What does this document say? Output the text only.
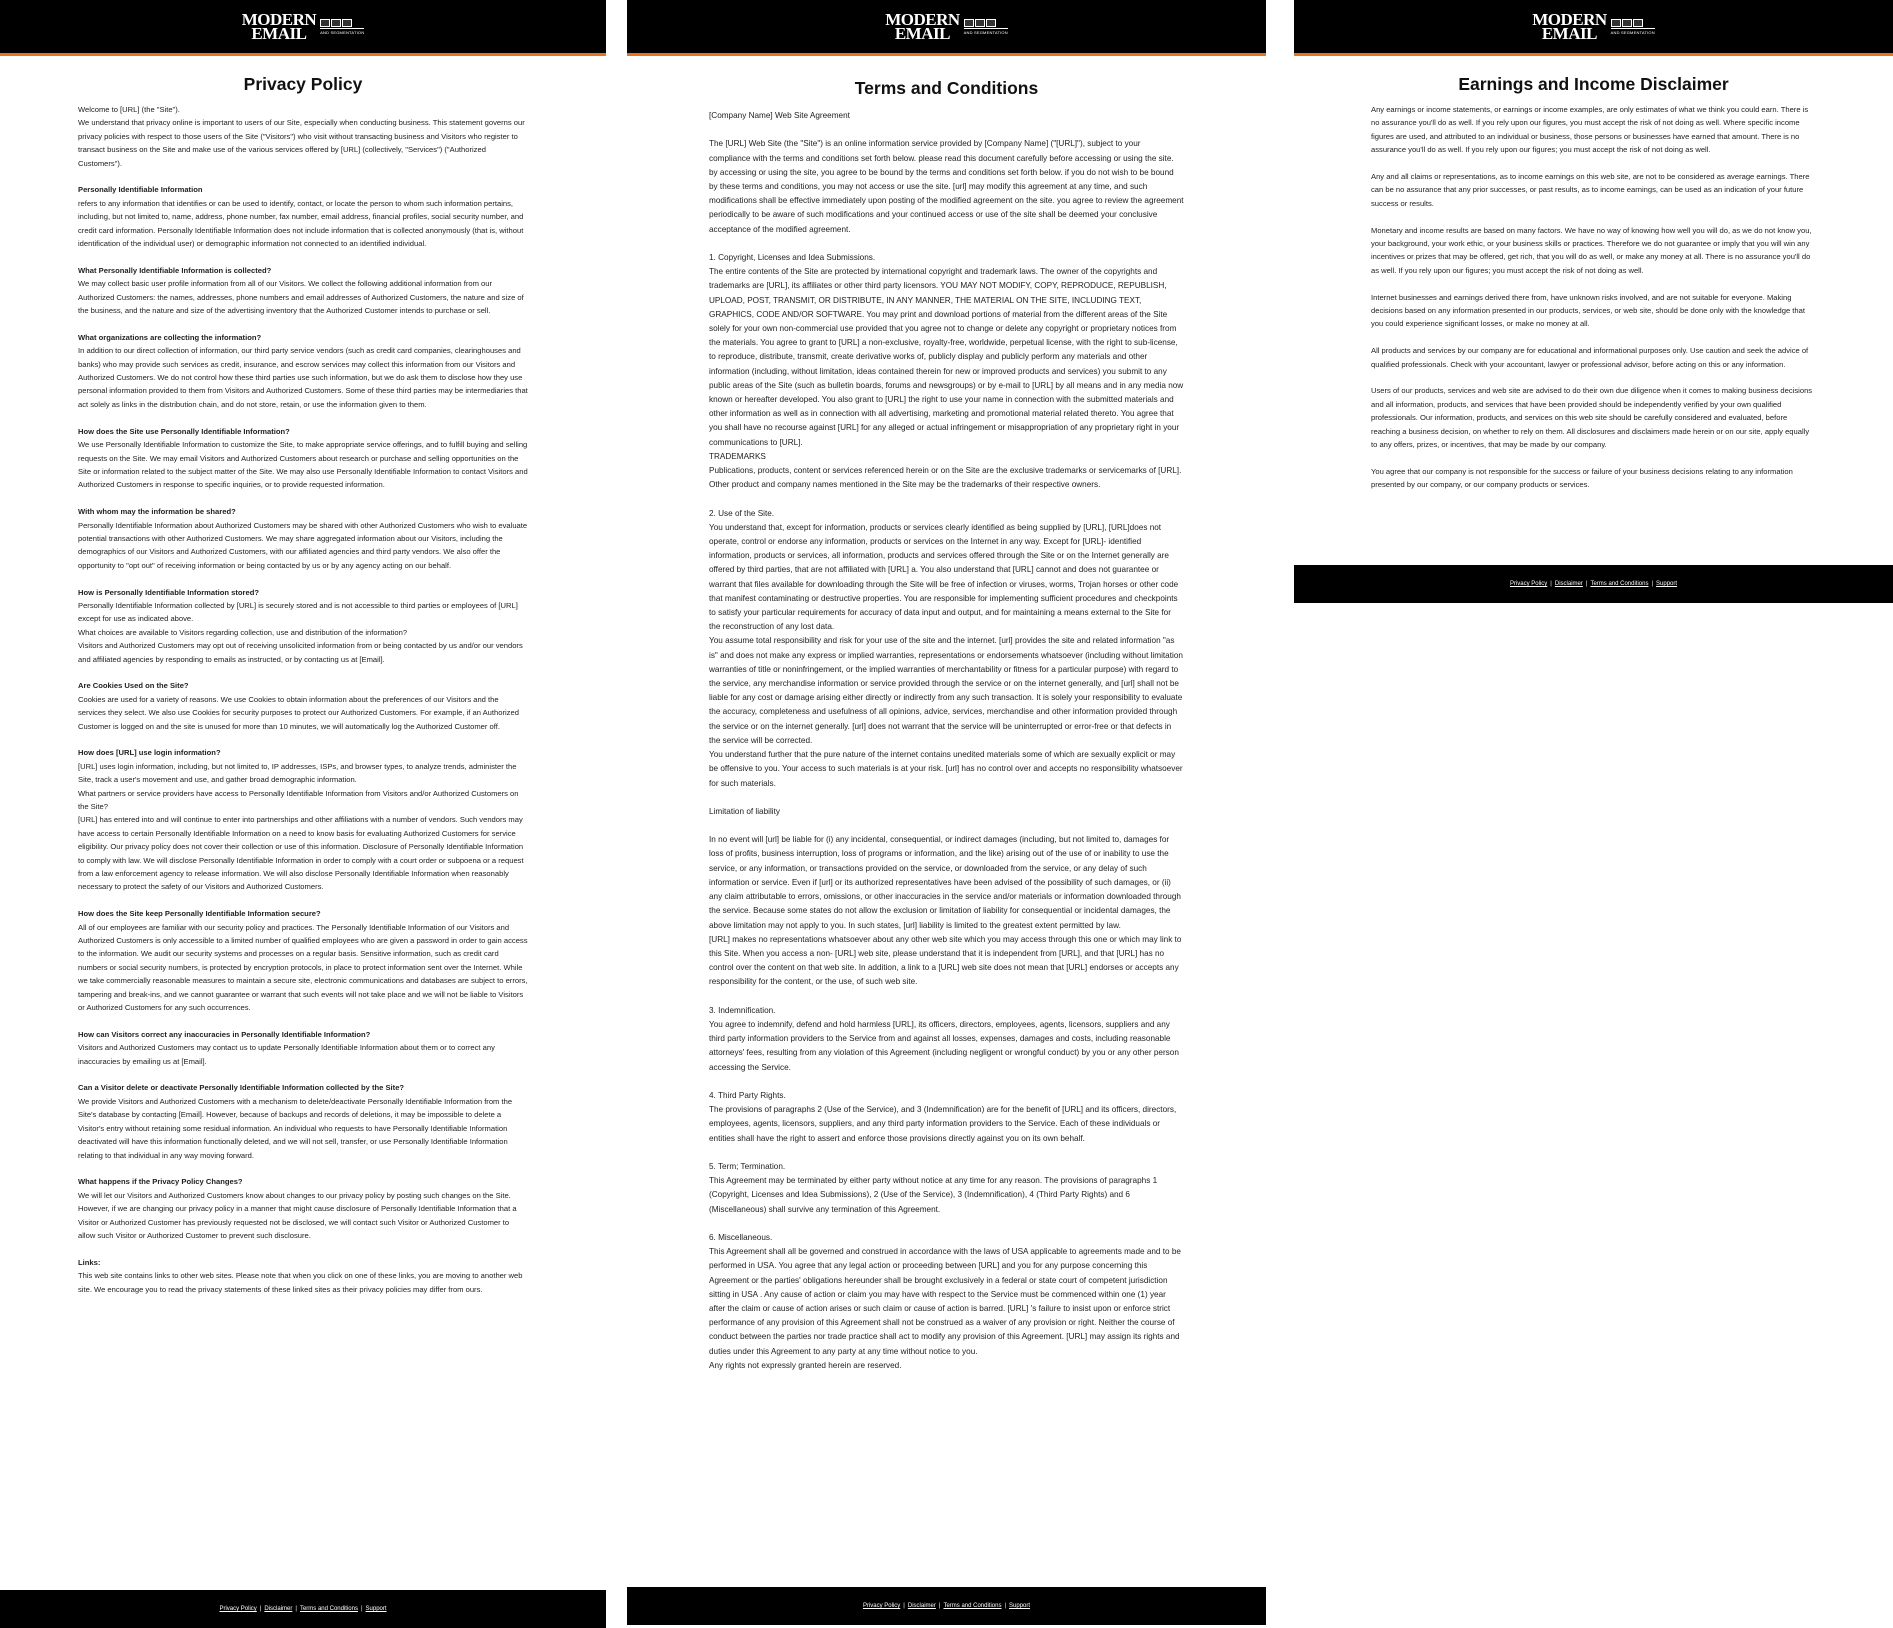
MODERN
EMAIL	AND SEGMENTATION
Privacy Policy
Welcome to [URL] (the "Site").
We understand that privacy online is important to users of our Site, especially when conducting business. This statement governs our privacy policies with respect to those users of the Site ("Visitors") who visit without transacting business and Visitors who register to transact business on the Site and make use of the various services offered by [URL] (collectively, "Services") ("Authorized Customers").
Personally Identifiable Information
refers to any information that identifies or can be used to identify, contact, or locate the person to whom such information pertains, including, but not limited to, name, address, phone number, fax number, email address, financial profiles, social security number, and credit card information. Personally Identifiable Information does not include information that is collected anonymously (that is, without identification of the individual user) or demographic information not connected to an identified individual.
What Personally Identifiable Information is collected?
We may collect basic user profile information from all of our Visitors. We collect the following additional information from our Authorized Customers: the names, addresses, phone numbers and email addresses of Authorized Customers, the nature and size of the business, and the nature and size of the advertising inventory that the Authorized Customer intends to purchase or sell.
What organizations are collecting the information?
In addition to our direct collection of information, our third party service vendors (such as credit card companies, clearinghouses and banks) who may provide such services as credit, insurance, and escrow services may collect this information from our Visitors and Authorized Customers. We do not control how these third parties use such information, but we do ask them to disclose how they use personal information provided to them from Visitors and Authorized Customers. Some of these third parties may be intermediaries that act solely as links in the distribution chain, and do not store, retain, or use the information given to them.
How does the Site use Personally Identifiable Information?
We use Personally Identifiable Information to customize the Site, to make appropriate service offerings, and to fulfill buying and selling requests on the Site. We may email Visitors and Authorized Customers about research or purchase and selling opportunities on the Site or information related to the subject matter of the Site. We may also use Personally Identifiable Information to contact Visitors and Authorized Customers in response to specific inquiries, or to provide requested information.
With whom may the information be shared?
Personally Identifiable Information about Authorized Customers may be shared with other Authorized Customers who wish to evaluate potential transactions with other Authorized Customers. We may share aggregated information about our Visitors, including the demographics of our Visitors and Authorized Customers, with our affiliated agencies and third party vendors. We also offer the opportunity to "opt out" of receiving information or being contacted by us or by any agency acting on our behalf.
How is Personally Identifiable Information stored?
Personally Identifiable Information collected by [URL] is securely stored and is not accessible to third parties or employees of [URL] except for use as indicated above.
What choices are available to Visitors regarding collection, use and distribution of the information?
Visitors and Authorized Customers may opt out of receiving unsolicited information from or being contacted by us and/or our vendors and affiliated agencies by responding to emails as instructed, or by contacting us at [Email].
Are Cookies Used on the Site?
Cookies are used for a variety of reasons. We use Cookies to obtain information about the preferences of our Visitors and the services they select. We also use Cookies for security purposes to protect our Authorized Customers. For example, if an Authorized Customer is logged on and the site is unused for more than 10 minutes, we will automatically log the Authorized Customer off.
How does [URL] use login information?
[URL] uses login information, including, but not limited to, IP addresses, ISPs, and browser types, to analyze trends, administer the Site, track a user's movement and use, and gather broad demographic information.
What partners or service providers have access to Personally Identifiable Information from Visitors and/or Authorized Customers on the Site?
[URL] has entered into and will continue to enter into partnerships and other affiliations with a number of vendors. Such vendors may have access to certain Personally Identifiable Information on a need to know basis for evaluating Authorized Customers for service eligibility. Our privacy policy does not cover their collection or use of this information. Disclosure of Personally Identifiable Information to comply with law. We will disclose Personally Identifiable Information in order to comply with a court order or subpoena or a request from a law enforcement agency to release information. We will also disclose Personally Identifiable Information when reasonably necessary to protect the safety of our Visitors and Authorized Customers.
How does the Site keep Personally Identifiable Information secure?
All of our employees are familiar with our security policy and practices. The Personally Identifiable Information of our Visitors and Authorized Customers is only accessible to a limited number of qualified employees who are given a password in order to gain access to the information. We audit our security systems and processes on a regular basis. Sensitive information, such as credit card numbers or social security numbers, is protected by encryption protocols, in place to protect information sent over the Internet. While we take commercially reasonable measures to maintain a secure site, electronic communications and databases are subject to errors, tampering and break-ins, and we cannot guarantee or warrant that such events will not take place and we will not be liable to Visitors or Authorized Customers for any such occurrences.
How can Visitors correct any inaccuracies in Personally Identifiable Information?
Visitors and Authorized Customers may contact us to update Personally Identifiable Information about them or to correct any inaccuracies by emailing us at [Email].
Can a Visitor delete or deactivate Personally Identifiable Information collected by the Site?
We provide Visitors and Authorized Customers with a mechanism to delete/deactivate Personally Identifiable Information from the Site's database by contacting [Email]. However, because of backups and records of deletions, it may be impossible to delete a Visitor's entry without retaining some residual information. An individual who requests to have Personally Identifiable Information deactivated will have this information functionally deleted, and we will not sell, transfer, or use Personally Identifiable Information relating to that individual in any way moving forward.
What happens if the Privacy Policy Changes?
We will let our Visitors and Authorized Customers know about changes to our privacy policy by posting such changes on the Site. However, if we are changing our privacy policy in a manner that might cause disclosure of Personally Identifiable Information that a Visitor or Authorized Customer has previously requested not be disclosed, we will contact such Visitor or Authorized Customer to allow such Visitor or Authorized Customer to prevent such disclosure.
Links:
This web site contains links to other web sites. Please note that when you click on one of these links, you are moving to another web site. We encourage you to read the privacy statements of these linked sites as their privacy policies may differ from ours.
Privacy Policy | Disclaimer | Terms and Conditions | Support
MODERN
EMAIL	AND SEGMENTATION
Terms and Conditions
[Company Name] Web Site Agreement
The [URL] Web Site (the "Site") is an online information service provided by [Company Name] ("[URL]"), subject to your compliance with the terms and conditions set forth below. please read this document carefully before accessing or using the site. by accessing or using the site, you agree to be bound by the terms and conditions set forth below. if you do not wish to be bound by these terms and conditions, you may not access or use the site. [url] may modify this agreement at any time, and such modifications shall be effective immediately upon posting of the modified agreement on the site. you agree to review the agreement periodically to be aware of such modifications and your continued access or use of the site shall be deemed your conclusive acceptance of the modified agreement.
1. Copyright, Licenses and Idea Submissions.
The entire contents of the Site are protected by international copyright and trademark laws. The owner of the copyrights and trademarks are [URL], its affiliates or other third party licensors. YOU MAY NOT MODIFY, COPY, REPRODUCE, REPUBLISH, UPLOAD, POST, TRANSMIT, OR DISTRIBUTE, IN ANY MANNER, THE MATERIAL ON THE SITE, INCLUDING TEXT, GRAPHICS, CODE AND/OR SOFTWARE. You may print and download portions of material from the different areas of the Site solely for your own non-commercial use provided that you agree not to change or delete any copyright or proprietary notices from the materials. You agree to grant to [URL] a non-exclusive, royalty-free, worldwide, perpetual license, with the right to sub-license, to reproduce, distribute, transmit, create derivative works of, publicly display and publicly perform any materials and other information (including, without limitation, ideas contained therein for new or improved products and services) you submit to any public areas of the Site (such as bulletin boards, forums and newsgroups) or by e-mail to [URL] by all means and in any media now known or hereafter developed. You also grant to [URL] the right to use your name in connection with the submitted materials and other information as well as in connection with all advertising, marketing and promotional material related thereto. You agree that you shall have no recourse against [URL] for any alleged or actual infringement or misappropriation of any proprietary right in your communications to [URL].
TRADEMARKS
Publications, products, content or services referenced herein or on the Site are the exclusive trademarks or servicemarks of [URL]. Other product and company names mentioned in the Site may be the trademarks of their respective owners.
2. Use of the Site.
You understand that, except for information, products or services clearly identified as being supplied by [URL], [URL]does not operate, control or endorse any information, products or services on the Internet in any way. Except for [URL]- identified information, products or services, all information, products and services offered through the Site or on the Internet generally are offered by third parties, that are not affiliated with [URL] a. You also understand that [URL] cannot and does not guarantee or warrant that files available for downloading through the Site will be free of infection or viruses, worms, Trojan horses or other code that manifest contaminating or destructive properties. You are responsible for implementing sufficient procedures and checkpoints to satisfy your particular requirements for accuracy of data input and output, and for maintaining a means external to the Site for the reconstruction of any lost data.
You assume total responsibility and risk for your use of the site and the internet. [url] provides the site and related information "as is" and does not make any express or implied warranties, representations or endorsements whatsoever (including without limitation warranties of title or noninfringement, or the implied warranties of merchantability or fitness for a particular purpose) with regard to the service, any merchandise information or service provided through the service or on the internet generally, and [url] shall not be liable for any cost or damage arising either directly or indirectly from any such transaction. It is solely your responsibility to evaluate the accuracy, completeness and usefulness of all opinions, advice, services, merchandise and other information provided through the service or on the internet generally. [url] does not warrant that the service will be uninterrupted or error-free or that defects in the service will be corrected.
You understand further that the pure nature of the internet contains unedited materials some of which are sexually explicit or may be offensive to you. Your access to such materials is at your risk. [url] has no control over and accepts no responsibility whatsoever for such materials.
Limitation of liability
In no event will [url] be liable for (i) any incidental, consequential, or indirect damages (including, but not limited to, damages for loss of profits, business interruption, loss of programs or information, and the like) arising out of the use of or inability to use the service, or any information, or transactions provided on the service, or downloaded from the service, or any delay of such information or service. Even if [url] or its authorized representatives have been advised of the possibility of such damages, or (ii) any claim attributable to errors, omissions, or other inaccuracies in the service and/or materials or information downloaded through the service. Because some states do not allow the exclusion or limitation of liability for consequential or incidental damages, the above limitation may not apply to you. In such states, [url] liability is limited to the greatest extent permitted by law.
[URL] makes no representations whatsoever about any other web site which you may access through this one or which may link to this Site. When you access a non- [URL] web site, please understand that it is independent from [URL], and that [URL] has no control over the content on that web site. In addition, a link to a [URL] web site does not mean that [URL] endorses or accepts any responsibility for the content, or the use, of such web site.
3. Indemnification.
You agree to indemnify, defend and hold harmless [URL], its officers, directors, employees, agents, licensors, suppliers and any third party information providers to the Service from and against all losses, expenses, damages and costs, including reasonable attorneys' fees, resulting from any violation of this Agreement (including negligent or wrongful conduct) by you or any other person accessing the Service.
4. Third Party Rights.
The provisions of paragraphs 2 (Use of the Service), and 3 (Indemnification) are for the benefit of [URL] and its officers, directors, employees, agents, licensors, suppliers, and any third party information providers to the Service. Each of these individuals or entities shall have the right to assert and enforce those provisions directly against you on its own behalf.
5. Term; Termination.
This Agreement may be terminated by either party without notice at any time for any reason. The provisions of paragraphs 1 (Copyright, Licenses and Idea Submissions), 2 (Use of the Service), 3 (Indemnification), 4 (Third Party Rights) and 6 (Miscellaneous) shall survive any termination of this Agreement.
6. Miscellaneous.
This Agreement shall all be governed and construed in accordance with the laws of USA applicable to agreements made and to be performed in USA. You agree that any legal action or proceeding between [URL] and you for any purpose concerning this Agreement or the parties' obligations hereunder shall be brought exclusively in a federal or state court of competent jurisdiction sitting in USA . Any cause of action or claim you may have with respect to the Service must be commenced within one (1) year after the claim or cause of action arises or such claim or cause of action is barred. [URL] 's failure to insist upon or enforce strict performance of any provision of this Agreement shall not be construed as a waiver of any provision or right. Neither the course of conduct between the parties nor trade practice shall act to modify any provision of this Agreement. [URL] may assign its rights and duties under this Agreement to any party at any time without notice to you.
Any rights not expressly granted herein are reserved.
Privacy Policy | Disclaimer | Terms and Conditions | Support
MODERN
EMAIL	AND SEGMENTATION
Earnings and Income Disclaimer
Any earnings or income statements, or earnings or income examples, are only estimates of what we think you could earn. There is no assurance you'll do as well. If you rely upon our figures, you must accept the risk of not doing as well. Where specific income figures are used, and attributed to an individual or business, those persons or businesses have earned that amount. There is no assurance you'll do as well. If you rely upon our figures; you must accept the risk of not doing as well.
Any and all claims or representations, as to income earnings on this web site, are not to be considered as average earnings. There can be no assurance that any prior successes, or past results, as to income earnings, can be used as an indication of your future success or results.
Monetary and income results are based on many factors. We have no way of knowing how well you will do, as we do not know you, your background, your work ethic, or your business skills or practices. Therefore we do not guarantee or imply that you will win any incentives or prizes that may be offered, get rich, that you will do as well, or make any money at all. There is no assurance you'll do as well. If you rely upon our figures; you must accept the risk of not doing as well.
Internet businesses and earnings derived there from, have unknown risks involved, and are not suitable for everyone. Making decisions based on any information presented in our products, services, or web site, should be done only with the knowledge that you could experience significant losses, or make no money at all.
All products and services by our company are for educational and informational purposes only. Use caution and seek the advice of qualified professionals. Check with your accountant, lawyer or professional advisor, before acting on this or any information.
Users of our products, services and web site are advised to do their own due diligence when it comes to making business decisions and all information, products, and services that have been provided should be independently verified by your own qualified professionals. Our information, products, and services on this web site should be carefully considered and evaluated, before reaching a business decision, on whether to rely on them. All disclosures and disclaimers made herein or on our site, apply equally to any offers, prizes, or incentives, that may be made by our company.
You agree that our company is not responsible for the success or failure of your business decisions relating to any information presented by our company, or our company products or services.
Privacy Policy | Disclaimer | Terms and Conditions | Support
